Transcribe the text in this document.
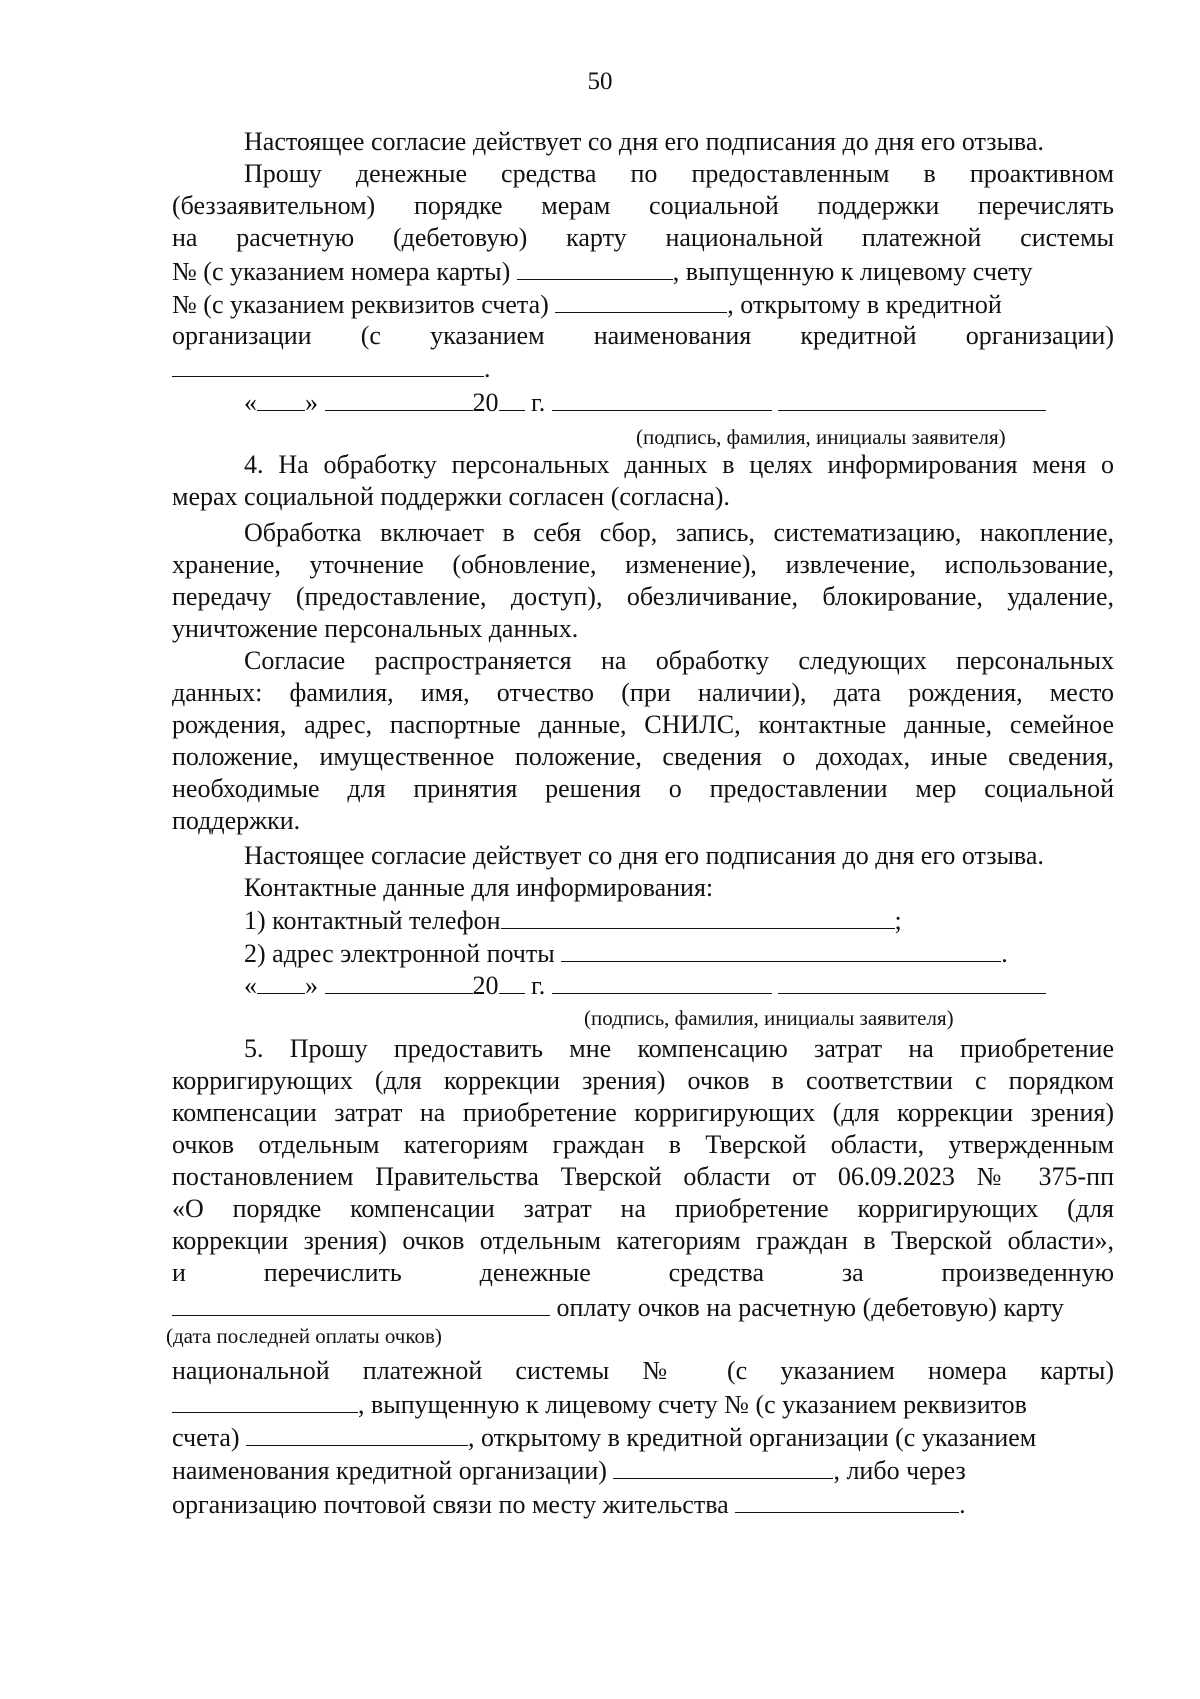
50
Настоящее согласие действует со дня его подписания до дня его отзыва.
Прошу денежные средства по предоставленным в проактивном
(беззаявительном) порядке мерам социальной поддержки перечислять
на расчетную (дебетовую) карту национальной платежной системы
№ (с указанием номера карты)	, выпущенную к лицевому счету
№ (с указанием реквизитов счета)	, открытому в кредитной
организации (с указанием наименования кредитной организации)
.
« »	20 г.
(подпись, фамилия, инициалы заявителя)
4. На обработку персональных данных в целях информирования меня о
мерах социальной поддержки согласен (согласна).
Обработка включает в себя сбор, запись, систематизацию, накопление,
хранение, уточнение (обновление, изменение), извлечение, использование,
передачу (предоставление, доступ), обезличивание, блокирование, удаление,
уничтожение персональных данных.
Согласие распространяется на обработку следующих персональных
данных: фамилия, имя, отчество (при наличии), дата рождения, место
рождения, адрес, паспортные данные, СНИЛС, контактные данные, семейное
положение, имущественное положение, сведения о доходах, иные сведения,
необходимые для принятия решения о предоставлении мер социальной
поддержки.
Настоящее согласие действует со дня его подписания до дня его отзыва.
Контактные данные для информирования:
1) контактный телефон	;
2) адрес электронной почты	.
« »	20 г.
(подпись, фамилия, инициалы заявителя)
5. Прошу предоставить мне компенсацию затрат на приобретение
корригирующих (для коррекции зрения) очков в соответствии с порядком
компенсации затрат на приобретение корригирующих (для коррекции зрения)
очков отдельным категориям граждан в Тверской области, утвержденным
постановлением Правительства Тверской области от 06.09.2023 № 375-пп
«О порядке компенсации затрат на приобретение корригирующих (для
коррекции зрения) очков отдельным категориям граждан в Тверской области»,
и перечислить денежные средства за произведенную
оплату очков на расчетную (дебетовую) карту
(дата последней оплаты очков)
национальной платежной системы № (с указанием номера карты)
, выпущенную к лицевому счету № (с указанием реквизитов
счета)	, открытому в кредитной организации (с указанием
наименования кредитной организации)	, либо через
организацию почтовой связи по месту жительства	.
